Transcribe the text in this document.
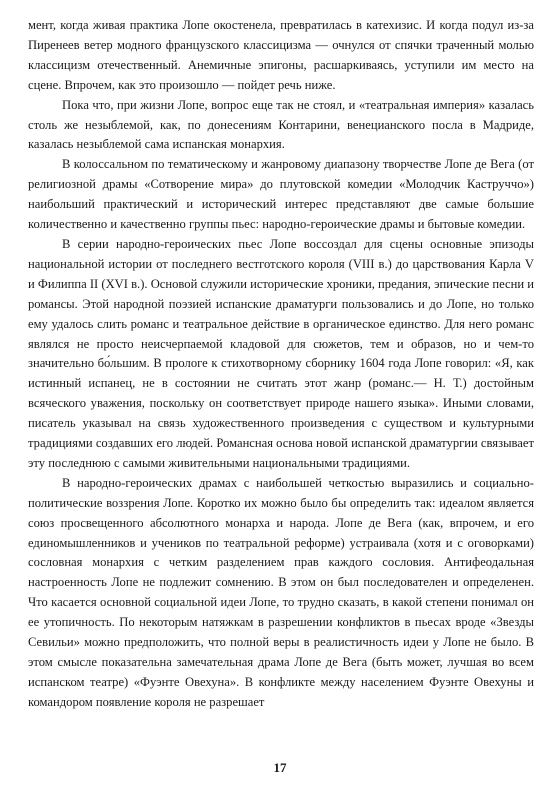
мент, когда живая практика Лопе окостенела, превратилась в катехизис. И когда подул из-за Пиренеев ветер модного французского классицизма — очнулся от спячки траченный молью классицизм отечественный. Анемичные эпигоны, расшаркиваясь, уступили им место на сцене. Впрочем, как это произошло — пойдет речь ниже.

Пока что, при жизни Лопе, вопрос еще так не стоял, и «театральная империя» казалась столь же незыблемой, как, по донесениям Контарини, венецианского посла в Мадриде, казалась незыблемой сама испанская монархия.

В колоссальном по тематическому и жанровому диапазону творчестве Лопе де Вега (от религиозной драмы «Сотворение мира» до плутовской комедии «Молодчик Каструччо») наибольший практический и исторический интерес представляют две самые большие количественно и качественно группы пьес: народно-героические драмы и бытовые комедии.

В серии народно-героических пьес Лопе воссоздал для сцены основные эпизоды национальной истории от последнего вестготского короля (VIII в.) до царствования Карла V и Филиппа II (XVI в.). Основой служили исторические хроники, предания, эпические песни и романсы. Этой народной поэзией испанские драматурги пользовались и до Лопе, но только ему удалось слить романс и театральное действие в органическое единство. Для него романс являлся не просто неисчерпаемой кладовой для сюжетов, тем и образов, но и чем-то значительно бо́льшим. В прологе к стихотворному сборнику 1604 года Лопе говорил: «Я, как истинный испанец, не в состоянии не считать этот жанр (романс.— Н. Т.) достойным всяческого уважения, поскольку он соответствует природе нашего языка». Иными словами, писатель указывал на связь художественного произведения с существом и культурными традициями создавших его людей. Романсная основа новой испанской драматургии связывает эту последнюю с самыми живительными национальными традициями.

В народно-героических драмах с наибольшей четкостью выразились и социально-политические воззрения Лопе. Коротко их можно было бы определить так: идеалом является союз просвещенного абсолютного монарха и народа. Лопе де Вега (как, впрочем, и его единомышленников и учеников по театральной реформе) устраивала (хотя и с оговорками) сословная монархия с четким разделением прав каждого сословия. Антифеодальная настроенность Лопе не подлежит сомнению. В этом он был последователен и определенен. Что касается основной социальной идеи Лопе, то трудно сказать, в какой степени понимал он ее утопичность. По некоторым натяжкам в разрешении конфликтов в пьесах вроде «Звезды Севильи» можно предположить, что полной веры в реалистичность идеи у Лопе не было. В этом смысле показательна замечательная драма Лопе де Вега (быть может, лучшая во всем испанском театре) «Фуэнте Овехуна». В конфликте между населением Фуэнте Овехуны и командором появление короля не разрешает

17
